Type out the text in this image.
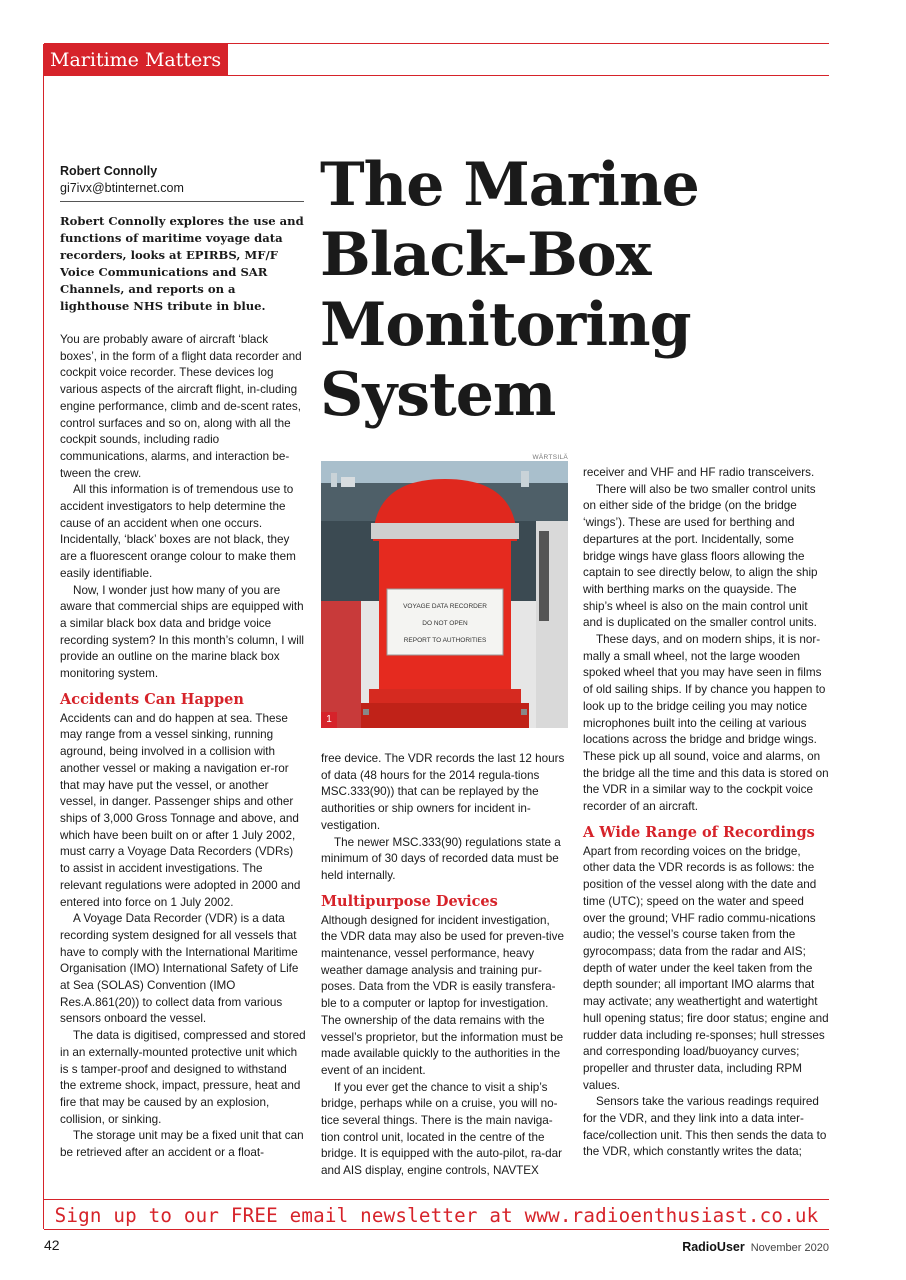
Maritime Matters
Robert Connolly
gi7ivx@btinternet.com
Robert Connolly explores the use and functions of maritime voyage data recorders, looks at EPIRBS, MF/F Voice Communications and SAR Channels, and reports on a lighthouse NHS tribute in blue.
The Marine
Black-Box
Monitoring
System

You are probably aware of aircraft ‘black boxes’, in the form of a flight data recorder and cockpit voice recorder. These devices log various aspects of the aircraft flight, in-cluding engine performance, climb and de-scent rates, control surfaces and so on, along with all the cockpit sounds, including radio communications, alarms, and interaction be-tween the crew.

All this information is of tremendous use to accident investigators to help determine the cause of an accident when one occurs. Incidentally, ‘black’ boxes are not black, they are a fluorescent orange colour to make them easily identifiable.

Now, I wonder just how many of you are aware that commercial ships are equipped with a similar black box data and bridge voice recording system? In this month’s column, I will provide an outline on the marine black box monitoring system.

Accidents Can Happen

Accidents can and do happen at sea. These may range from a vessel sinking, running aground, being involved in a collision with another vessel or making a navigation er-ror that may have put the vessel, or another vessel, in danger. Passenger ships and other ships of 3,000 Gross Tonnage and above, and which have been built on or after 1 July 2002, must carry a Voyage Data Recorders (VDRs) to assist in accident investigations. The relevant regulations were adopted in 2000 and entered into force on 1 July 2002.

A Voyage Data Recorder (VDR) is a data recording system designed for all vessels that have to comply with the International Maritime Organisation (IMO) International Safety of Life at Sea (SOLAS) Convention (IMO Res.A.861(20)) to collect data from various sensors onboard the vessel.

The data is digitised, compressed and stored in an externally-mounted protective unit which is s tamper-proof and designed to withstand the extreme shock, impact, pressure, heat and fire that may be caused by an explosion, collision, or sinking.

The storage unit may be a fixed unit that can be retrieved after an accident or a float-

WÄRTSILÄ
VOYAGE DATA RECORDER
DO NOT OPEN
REPORT TO AUTHORITIES
1

free device. The VDR records the last 12 hours of data (48 hours for the 2014 regula-tions MSC.333(90)) that can be replayed by the authorities or ship owners for incident in-vestigation.

The newer MSC.333(90) regulations state a minimum of 30 days of recorded data must be held internally.

Multipurpose Devices

Although designed for incident investigation, the VDR data may also be used for preven-tive maintenance, vessel performance, heavy weather damage analysis and training pur-poses. Data from the VDR is easily transfera-ble to a computer or laptop for investigation. The ownership of the data remains with the vessel’s proprietor, but the information must be made available quickly to the authorities in the event of an incident.

If you ever get the chance to visit a ship’s bridge, perhaps while on a cruise, you will no-tice several things. There is the main naviga-tion control unit, located in the centre of the bridge. It is equipped with the auto-pilot, ra-dar and AIS display, engine controls, NAVTEX

receiver and VHF and HF radio transceivers.

There will also be two smaller control units on either side of the bridge (on the bridge ‘wings’). These are used for berthing and departures at the port. Incidentally, some bridge wings have glass floors allowing the captain to see directly below, to align the ship with berthing marks on the quayside. The ship’s wheel is also on the main control unit and is duplicated on the smaller control units.

These days, and on modern ships, it is nor-mally a small wheel, not the large wooden spoked wheel that you may have seen in films of old sailing ships. If by chance you happen to look up to the bridge ceiling you may notice microphones built into the ceiling at various locations across the bridge and bridge wings. These pick up all sound, voice and alarms, on the bridge all the time and this data is stored on the VDR in a similar way to the cockpit voice recorder of an aircraft.

A Wide Range of Recordings

Apart from recording voices on the bridge, other data the VDR records is as follows: the position of the vessel along with the date and time (UTC); speed on the water and speed over the ground; VHF radio commu-nications audio; the vessel’s course taken from the gyrocompass; data from the radar and AIS; depth of water under the keel taken from the depth sounder; all important IMO alarms that may activate; any weathertight and watertight hull opening status; fire door status; engine and rudder data including re-sponses; hull stresses and corresponding load/buoyancy curves; propeller and thruster data, including RPM values.

Sensors take the various readings required for the VDR, and they link into a data inter-face/collection unit. This then sends the data to the VDR, which constantly writes the data;

Sign up to our FREE email newsletter at www.radioenthusiast.co.uk
42	RadioUser November 2020
